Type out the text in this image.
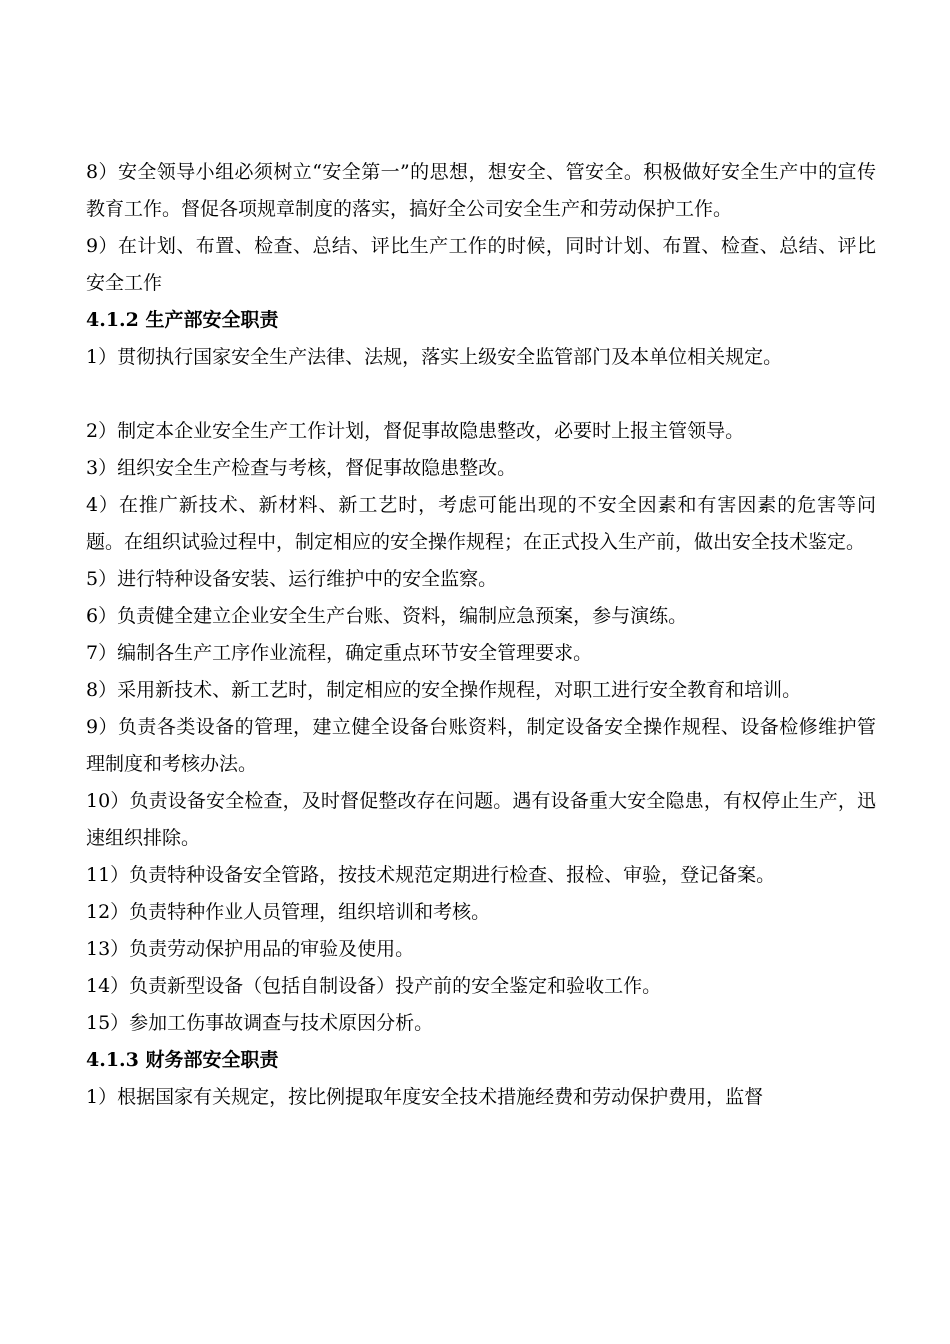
8）安全领导小组必须树立“安全第一”的思想，想安全、管安全。积极做好安全生产中的宣传教育工作。督促各项规章制度的落实，搞好全公司安全生产和劳动保护工作。

9）在计划、布置、检查、总结、评比生产工作的时候，同时计划、布置、检查、总结、评比安全工作

4.1.2 生产部安全职责

1）贯彻执行国家安全生产法律、法规，落实上级安全监管部门及本单位相关规定。

2）制定本企业安全生产工作计划，督促事故隐患整改，必要时上报主管领导。

3）组织安全生产检查与考核，督促事故隐患整改。

4）在推广新技术、新材料、新工艺时，考虑可能出现的不安全因素和有害因素的危害等问题。在组织试验过程中，制定相应的安全操作规程；在正式投入生产前，做出安全技术鉴定。

5）进行特种设备安装、运行维护中的安全监察。

6）负责健全建立企业安全生产台账、资料，编制应急预案，参与演练。

7）编制各生产工序作业流程，确定重点环节安全管理要求。

8）采用新技术、新工艺时，制定相应的安全操作规程，对职工进行安全教育和培训。

9）负责各类设备的管理，建立健全设备台账资料，制定设备安全操作规程、设备检修维护管理制度和考核办法。

10）负责设备安全检查，及时督促整改存在问题。遇有设备重大安全隐患，有权停止生产，迅速组织排除。

11）负责特种设备安全管路，按技术规范定期进行检查、报检、审验，登记备案。

12）负责特种作业人员管理，组织培训和考核。

13）负责劳动保护用品的审验及使用。

14）负责新型设备（包括自制设备）投产前的安全鉴定和验收工作。

15）参加工伤事故调查与技术原因分析。

4.1.3 财务部安全职责

1）根据国家有关规定，按比例提取年度安全技术措施经费和劳动保护费用，监督
